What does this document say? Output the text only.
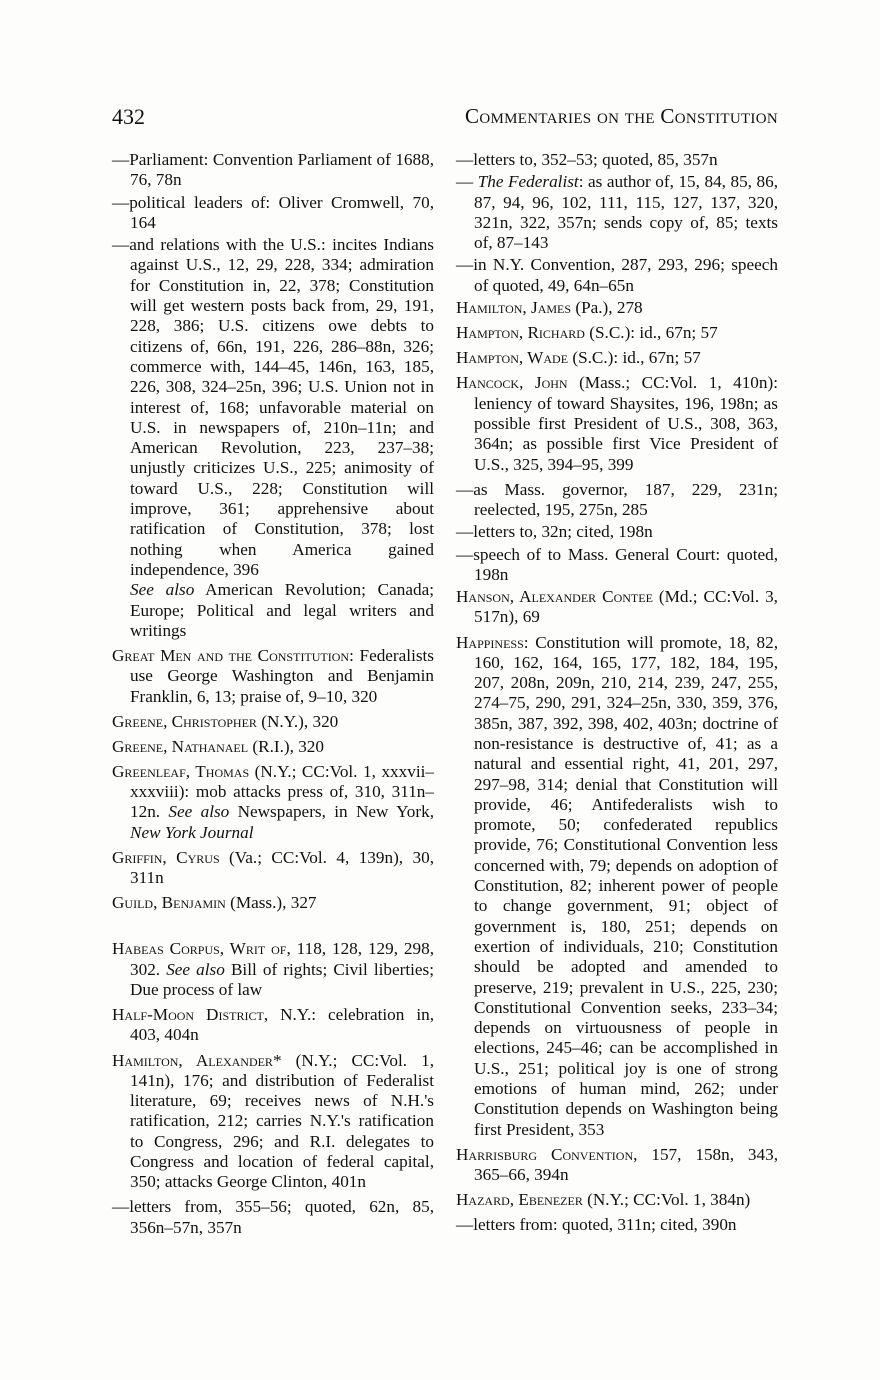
432	Commentaries on the Constitution

—Parliament: Convention Parliament of 1688, 76, 78n

—political leaders of: Oliver Cromwell, 70, 164

—and relations with the U.S.: incites Indians against U.S., 12, 29, 228, 334; admiration for Constitution in, 22, 378; Constitution will get western posts back from, 29, 191, 228, 386; U.S. citizens owe debts to citizens of, 66n, 191, 226, 286–88n, 326; commerce with, 144–45, 146n, 163, 185, 226, 308, 324–25n, 396; U.S. Union not in interest of, 168; unfavorable material on U.S. in newspapers of, 210n–11n; and American Revolution, 223, 237–38; unjustly criticizes U.S., 225; animosity of toward U.S., 228; Constitution will improve, 361; apprehensive about ratification of Constitution, 378; lost nothing when America gained independence, 396

See also American Revolution; Canada; Europe; Political and legal writers and writings

Great Men and the Constitution: Federalists use George Washington and Benjamin Franklin, 6, 13; praise of, 9–10, 320

Greene, Christopher (N.Y.), 320

Greene, Nathanael (R.I.), 320

Greenleaf, Thomas (N.Y.; CC:Vol. 1, xxxvii–xxxviii): mob attacks press of, 310, 311n–12n. See also Newspapers, in New York, New York Journal

Griffin, Cyrus (Va.; CC:Vol. 4, 139n), 30, 311n

Guild, Benjamin (Mass.), 327

Habeas Corpus, Writ of, 118, 128, 129, 298, 302. See also Bill of rights; Civil liberties; Due process of law

Half-Moon District, N.Y.: celebration in, 403, 404n

Hamilton, Alexander* (N.Y.; CC:Vol. 1, 141n), 176; and distribution of Federalist literature, 69; receives news of N.H.'s ratification, 212; carries N.Y.'s ratification to Congress, 296; and R.I. delegates to Congress and location of federal capital, 350; attacks George Clinton, 401n

—letters from, 355–56; quoted, 62n, 85, 356n–57n, 357n

—letters to, 352–53; quoted, 85, 357n

— The Federalist: as author of, 15, 84, 85, 86, 87, 94, 96, 102, 111, 115, 127, 137, 320, 321n, 322, 357n; sends copy of, 85; texts of, 87–143

—in N.Y. Convention, 287, 293, 296; speech of quoted, 49, 64n–65n

Hamilton, James (Pa.), 278

Hampton, Richard (S.C.): id., 67n; 57

Hampton, Wade (S.C.): id., 67n; 57

Hancock, John (Mass.; CC:Vol. 1, 410n): leniency of toward Shaysites, 196, 198n; as possible first President of U.S., 308, 363, 364n; as possible first Vice President of U.S., 325, 394–95, 399

—as Mass. governor, 187, 229, 231n; reelected, 195, 275n, 285

—letters to, 32n; cited, 198n

—speech of to Mass. General Court: quoted, 198n

Hanson, Alexander Contee (Md.; CC:Vol. 3, 517n), 69

Happiness: Constitution will promote, 18, 82, 160, 162, 164, 165, 177, 182, 184, 195, 207, 208n, 209n, 210, 214, 239, 247, 255, 274–75, 290, 291, 324–25n, 330, 359, 376, 385n, 387, 392, 398, 402, 403n; doctrine of non-resistance is destructive of, 41; as a natural and essential right, 41, 201, 297, 297–98, 314; denial that Constitution will provide, 46; Antifederalists wish to promote, 50; confederated republics provide, 76; Constitutional Convention less concerned with, 79; depends on adoption of Constitution, 82; inherent power of people to change government, 91; object of government is, 180, 251; depends on exertion of individuals, 210; Constitution should be adopted and amended to preserve, 219; prevalent in U.S., 225, 230; Constitutional Convention seeks, 233–34; depends on virtuousness of people in elections, 245–46; can be accomplished in U.S., 251; political joy is one of strong emotions of human mind, 262; under Constitution depends on Washington being first President, 353

Harrisburg Convention, 157, 158n, 343, 365–66, 394n

Hazard, Ebenezer (N.Y.; CC:Vol. 1, 384n)

—letters from: quoted, 311n; cited, 390n
